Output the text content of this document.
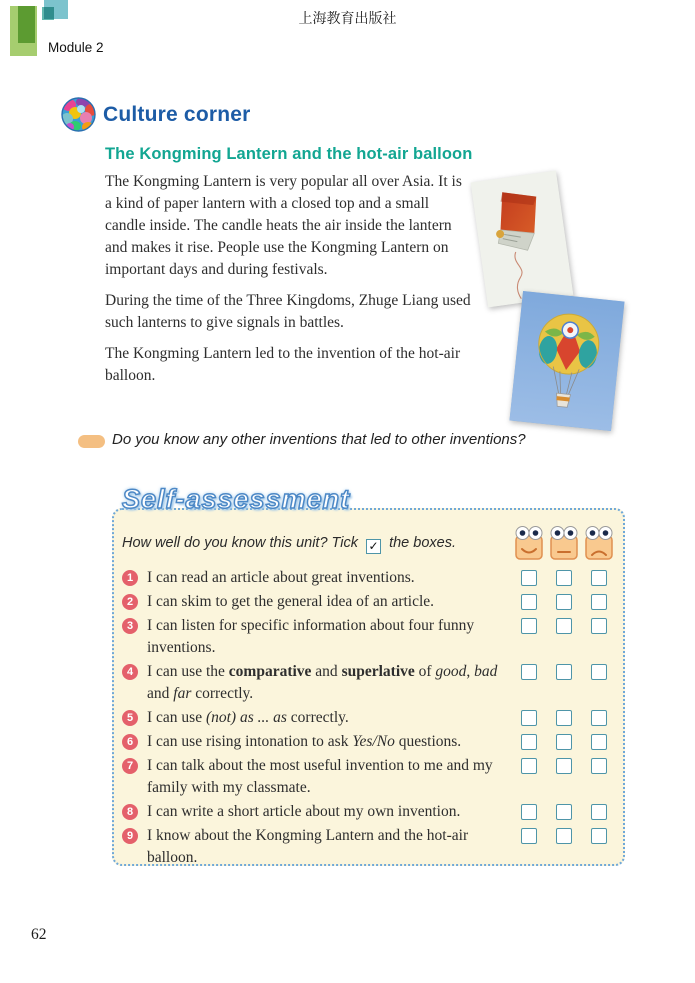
上海教育出版社
Module 2
Culture corner
The Kongming Lantern and the hot-air balloon

The Kongming Lantern is very popular all over Asia. It is a kind of paper lantern with a closed top and a small candle inside. The candle heats the air inside the lantern and makes it rise. People use the Kongming Lantern on important days and during festivals.

During the time of the Three Kingdoms, Zhuge Liang used such lanterns to give signals in battles.

The Kongming Lantern led to the invention of the hot-air balloon.

Do you know any other inventions that led to other inventions?
Self-assessment
How well do you know this unit? Tick ✓ the boxes.
1 I can read an article about great inventions.
2 I can skim to get the general idea of an article.
3 I can listen for specific information about four funny inventions.
4 I can use the comparative and superlative of good, bad and far correctly.
5 I can use (not) as ... as correctly.
6 I can use rising intonation to ask Yes/No questions.
7 I can talk about the most useful invention to me and my family with my classmate.
8 I can write a short article about my own invention.
9 I know about the Kongming Lantern and the hot-air balloon.
62
